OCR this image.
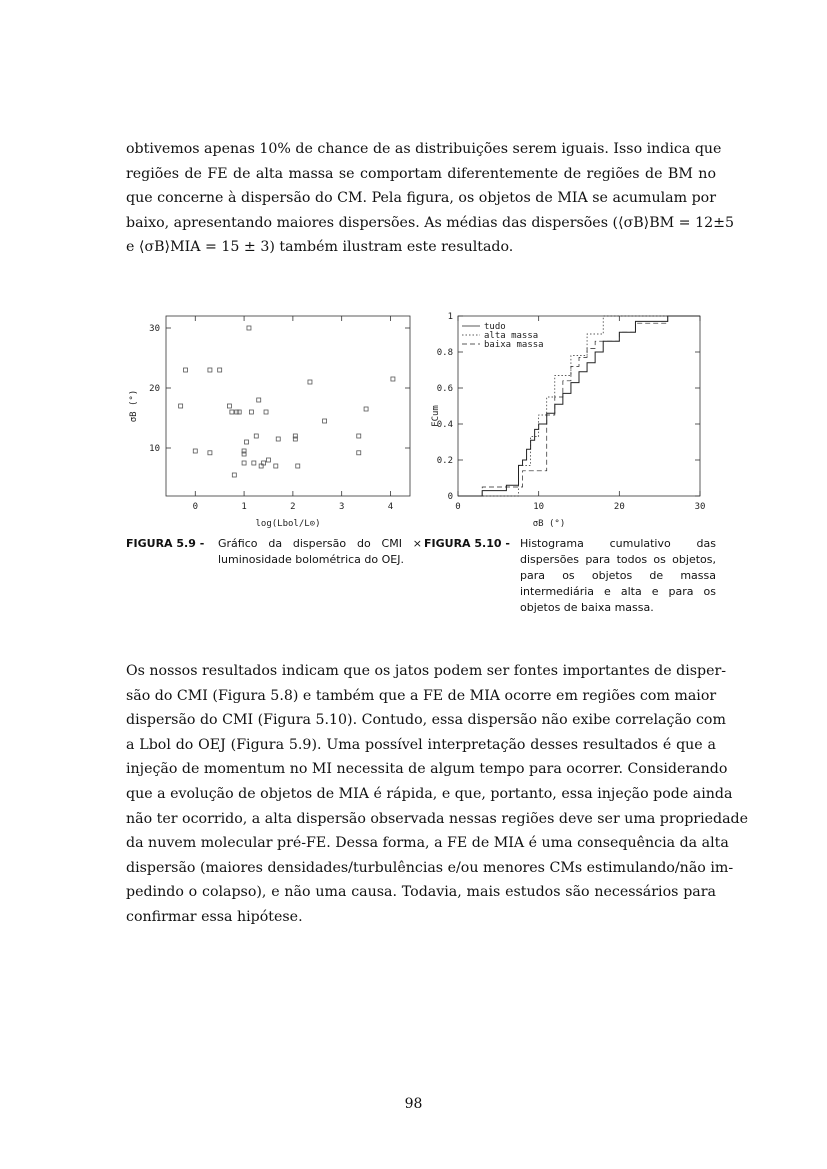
obtivemos apenas 10% de chance de as distribuições serem iguais. Isso indica que
regiões de FE de alta massa se comportam diferentemente de regiões de BM no
que concerne à dispersão do CM. Pela figura, os objetos de MIA se acumulam por
baixo, apresentando maiores dispersões. As médias das dispersões (⟨σB⟩BM = 12±5
e ⟨σB⟩MIA = 15 ± 3) também ilustram este resultado.
0	1	2	3	4
10
20
30
log(Lbol/L⊙)
σB (°)
0	10	20	30
0
0.2
0.4
0.6
0.8
1
tudo
alta massa
baixa massa
σB (°)
FCum
FIGURA 5.9 -	Gráfico da dispersão do CMI × luminosidade bolométrica do OEJ.
FIGURA 5.10 - Histograma cumulativo das dispersões para todos os objetos, para os objetos de massa intermediária e alta e para os objetos de baixa massa.
Os nossos resultados indicam que os jatos podem ser fontes importantes de disper-
são do CMI (Figura 5.8) e também que a FE de MIA ocorre em regiões com maior
dispersão do CMI (Figura 5.10). Contudo, essa dispersão não exibe correlação com
a Lbol do OEJ (Figura 5.9). Uma possível interpretação desses resultados é que a
injeção de momentum no MI necessita de algum tempo para ocorrer. Considerando
que a evolução de objetos de MIA é rápida, e que, portanto, essa injeção pode ainda
não ter ocorrido, a alta dispersão observada nessas regiões deve ser uma propriedade
da nuvem molecular pré-FE. Dessa forma, a FE de MIA é uma consequência da alta
dispersão (maiores densidades/turbulências e/ou menores CMs estimulando/não im-
pedindo o colapso), e não uma causa. Todavia, mais estudos são necessários para
confirmar essa hipótese.
98
